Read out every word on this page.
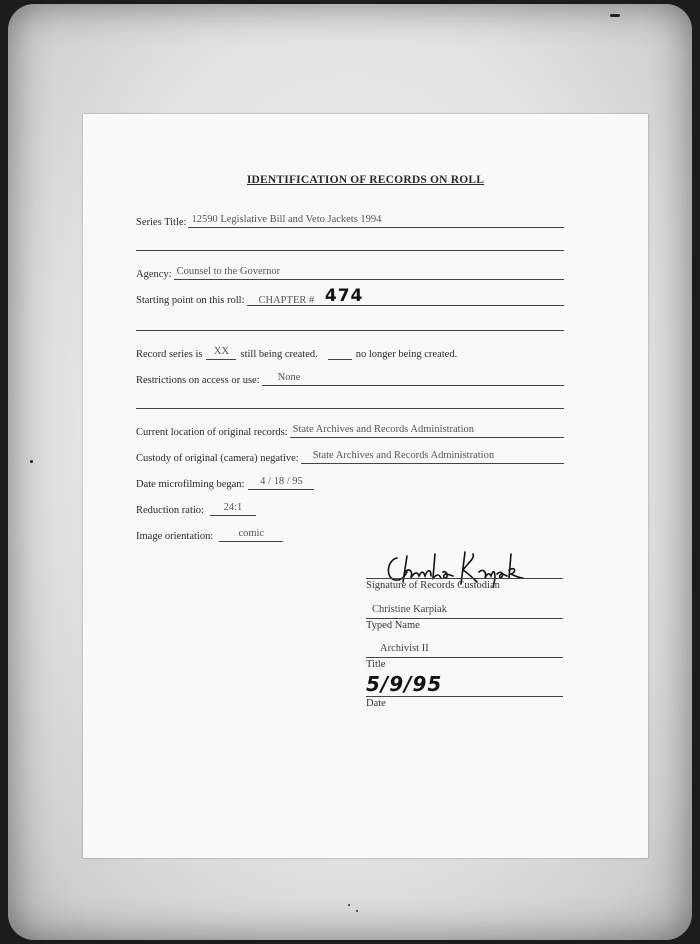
IDENTIFICATION OF RECORDS ON ROLL
Series Title: 12590 Legislative Bill and Veto Jackets 1994
Agency: Counsel to the Governor
Starting point on this roll:	CHAPTER # 474
Record series is	XX	still being created.	no longer being created.
Restrictions on access or use:	None
Current location of original records: State Archives and Records Administration
Custody of original (camera) negative:	State Archives and Records Administration
Date microfilming began:	4 / 18 / 95
Reduction ratio:	24:1
Image orientation:	comic
Signature of Records Custodian
Christine Karpiak
Typed Name
Archivist II
Title
5/9/95
Date
